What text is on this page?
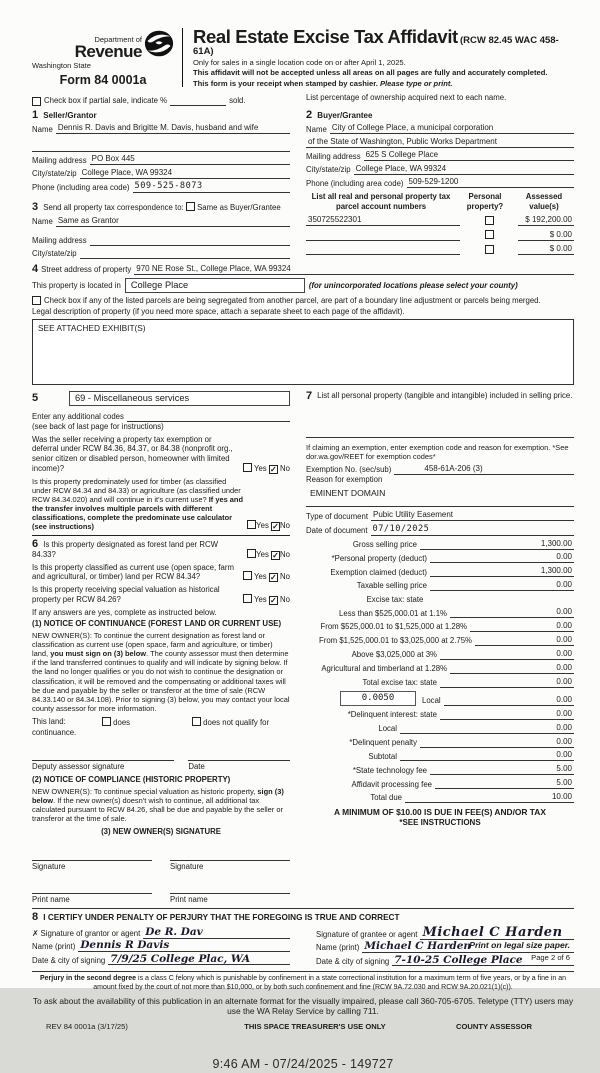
Department of
Revenue
Washington State
Form 84 0001a
Real Estate Excise Tax Affidavit (RCW 82.45 WAC 458-61A)
Only for sales in a single location code on or after April 1, 2025.
This affidavit will not be accepted unless all areas on all pages are fully and accurately completed.
This form is your receipt when stamped by cashier. Please type or print.
Check box if partial sale, indicate %	sold.	List percentage of ownership acquired next to each name.
1 Seller/Grantor
Name Dennis R. Davis and Brigitte M. Davis, husband and wife
Mailing address PO Box 445
City/state/zip College Place, WA 99324
Phone (including area code) 509-525-8073
3 Send all property tax correspondence to: Same as Buyer/Grantee
Name Same as Grantor
Mailing address
City/state/zip
2 Buyer/Grantee
Name City of College Place, a municipal corporation
of the State of Washington, Public Works Department
Mailing address 625 S College Place
City/state/zip College Place, WA 99324
Phone (including area code) 509-529-1200
List all real and personal property tax
parcel account numbers
Personal
property?
Assessed
value(s)
350725522301	$ 192,200.00
$ 0.00
$ 0.00
4 Street address of property 970 NE Rose St., College Place, WA 99324
This property is located in	College Place	(for unincorporated locations please select your county)
Check box if any of the listed parcels are being segregated from another parcel, are part of a boundary line adjustment or parcels being merged.
Legal description of property (if you need more space, attach a separate sheet to each page of the affidavit).
SEE ATTACHED EXHIBIT(S)
5	69 - Miscellaneous services
Enter any additional codes
(see back of last page for instructions)
Was the seller receiving a property tax exemption or deferral under RCW 84.36, 84.37, or 84.38 (nonprofit org., senior citizen or disabled person, homeowner with limited income)?	Yes ✓ No
Is this property predominately used for timber (as classified under RCW 84.34 and 84.33) or agriculture (as classified under RCW 84.34.020) and will continue in it's current use? If yes and the transfer involves multiple parcels with different classifications, complete the predominate use calculator (see instructions)	Yes ✓No
6 Is this property designated as forest land per RCW 84.33?	Yes ✓No
Is this property classified as current use (open space, farm and agricultural, or timber) land per RCW 84.34?	Yes ✓ No
Is this property receiving special valuation as historical property per RCW 84.26?	Yes ✓ No
If any answers are yes, complete as instructed below.
(1) NOTICE OF CONTINUANCE (FOREST LAND OR CURRENT USE)
NEW OWNER(S): To continue the current designation as forest land or classification as current use (open space, farm and agriculture, or timber) land, you must sign on (3) below. The county assessor must then determine if the land transferred continues to qualify and will indicate by signing below. If the land no longer qualifies or you do not wish to continue the designation or classification, it will be removed and the compensating or additional taxes will be due and payable by the seller or transferor at the time of sale (RCW 84.33.140 or 84.34.108). Prior to signing (3) below, you may contact your local county assessor for more information.
This land:	does	does not qualify for
continuance.
Deputy assessor signature	Date
(2) NOTICE OF COMPLIANCE (HISTORIC PROPERTY)
NEW OWNER(S): To continue special valuation as historic property, sign (3) below. If the new owner(s) doesn't wish to continue, all additional tax calculated pursuant to RCW 84.26, shall be due and payable by the seller or transferor at the time of sale.
(3) NEW OWNER(S) SIGNATURE
Signature	Signature
Print name	Print name
7 List all personal property (tangible and intangible) included in selling price.
If claiming an exemption, enter exemption code and reason for exemption. *See dor.wa.gov/REET for exemption codes*
Exemption No. (sec/sub)	458-61A-206 (3)
Reason for exemption
EMINENT DOMAIN
Type of document Pubic Utility Easement
Date of document 07/10/2025
Gross selling price	1,300.00
*Personal property (deduct)	0.00
Exemption claimed (deduct)	1,300.00
Taxable selling price	0.00
Excise tax: state
Less than $525,000.01 at 1.1%	0.00
From $525,000.01 to $1,525,000 at 1.28%	0.00
From $1,525,000.01 to $3,025,000 at 2.75%	0.00
Above $3,025,000 at 3%	0.00
Agricultural and timberland at 1.28%	0.00
Total excise tax: state	0.00
0.0050	Local	0.00
*Delinquent interest: state	0.00
Local	0.00
*Delinquent penalty	0.00
Subtotal	0.00
*State technology fee	5.00
Affidavit processing fee	5.00
Total due	10.00
A MINIMUM OF $10.00 IS DUE IN FEE(S) AND/OR TAX
*SEE INSTRUCTIONS
8 I CERTIFY UNDER PENALTY OF PERJURY THAT THE FOREGOING IS TRUE AND CORRECT
✗ Signature of grantor or agent De R. Dav
Name (print) Dennis R Davis
Date & city of signing 7/9/25 College Plac, WA
Signature of grantee or agent Michael C Harden
Name (print) Michael C Harden
Date & city of signing 7-10-25 College Place
Perjury in the second degree is a class C felony which is punishable by confinement in a state correctional institution for a maximum term of five years, or by a fine in an amount fixed by the court of not more than $10,000, or by both such confinement and fine (RCW 9A.72.030 and RCW 9A.20.021(1)(c)).
To ask about the availability of this publication in an alternate format for the visually impaired, please call 360-705-6705. Teletype (TTY) users may use the WA Relay Service by calling 711.
REV 84 0001a (3/17/25)	THIS SPACE TREASURER'S USE ONLY	COUNTY ASSESSOR
9:46 AM - 07/24/2025 - 149727
Print on legal size paper.
Page 2 of 6
